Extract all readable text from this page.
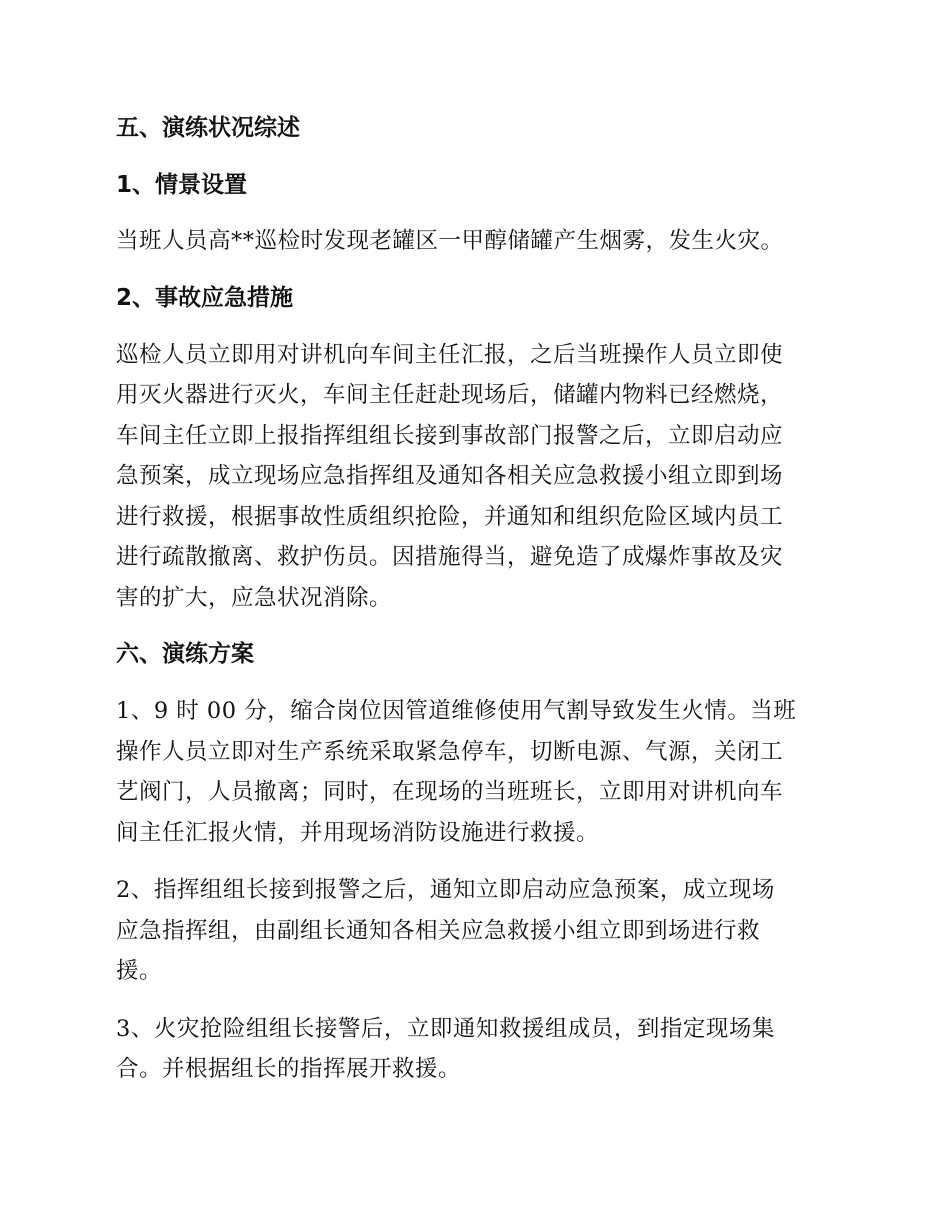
五、演练状况综述
1、情景设置

当班人员高**巡检时发现老罐区一甲醇储罐产生烟雾，发生火灾。

2、事故应急措施

巡检人员立即用对讲机向车间主任汇报，之后当班操作人员立即使
用灭火器进行灭火，车间主任赶赴现场后，储罐内物料已经燃烧，
车间主任立即上报指挥组组长接到事故部门报警之后，立即启动应
急预案，成立现场应急指挥组及通知各相关应急救援小组立即到场
进行救援，根据事故性质组织抢险，并通知和组织危险区域内员工
进行疏散撤离、救护伤员。因措施得当，避免造了成爆炸事故及灾
害的扩大，应急状况消除。

六、演练方案

1、9 时 00 分，缩合岗位因管道维修使用气割导致发生火情。当班
操作人员立即对生产系统采取紧急停车，切断电源、气源，关闭工
艺阀门，人员撤离；同时，在现场的当班班长，立即用对讲机向车
间主任汇报火情，并用现场消防设施进行救援。

2、指挥组组长接到报警之后，通知立即启动应急预案，成立现场
应急指挥组，由副组长通知各相关应急救援小组立即到场进行救
援。

3、火灾抢险组组长接警后，立即通知救援组成员，到指定现场集
合。并根据组长的指挥展开救援。
